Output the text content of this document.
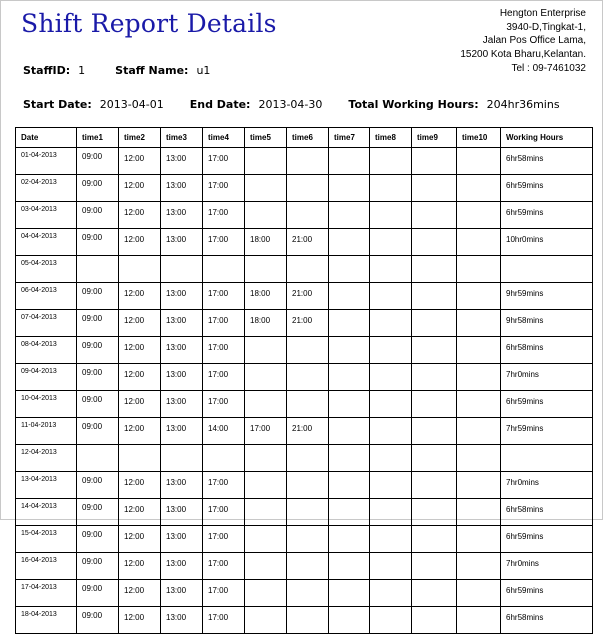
Shift Report Details	Hengton Enterprise
3940-D,Tingkat-1,
Jalan Pos Office Lama,
15200 Kota Bharu,Kelantan.
Tel : 09-7461032
StaffID: 1	Staff Name: u1
Start Date: 2013-04-01 End Date: 2013-04-30 Total Working Hours: 204hr36mins
Date	time1	time2	time3	time4	time5	time6	time7	time8	time9	time10	Working Hours
01-04-2013	09:00	12:00	13:00	17:00							6hr58mins
02-04-2013	09:00	12:00	13:00	17:00							6hr59mins
03-04-2013	09:00	12:00	13:00	17:00							6hr59mins
04-04-2013	09:00	12:00	13:00	17:00	18:00	21:00					10hr0mins
05-04-2013											
06-04-2013	09:00	12:00	13:00	17:00	18:00	21:00					9hr59mins
07-04-2013	09:00	12:00	13:00	17:00	18:00	21:00					9hr58mins
08-04-2013	09:00	12:00	13:00	17:00							6hr58mins
09-04-2013	09:00	12:00	13:00	17:00							7hr0mins
10-04-2013	09:00	12:00	13:00	17:00							6hr59mins
11-04-2013	09:00	12:00	13:00	14:00	17:00	21:00					7hr59mins
12-04-2013											
13-04-2013	09:00	12:00	13:00	17:00							7hr0mins
14-04-2013	09:00	12:00	13:00	17:00							6hr58mins
15-04-2013	09:00	12:00	13:00	17:00							6hr59mins
16-04-2013	09:00	12:00	13:00	17:00							7hr0mins
17-04-2013	09:00	12:00	13:00	17:00							6hr59mins
18-04-2013	09:00	12:00	13:00	17:00							6hr58mins
